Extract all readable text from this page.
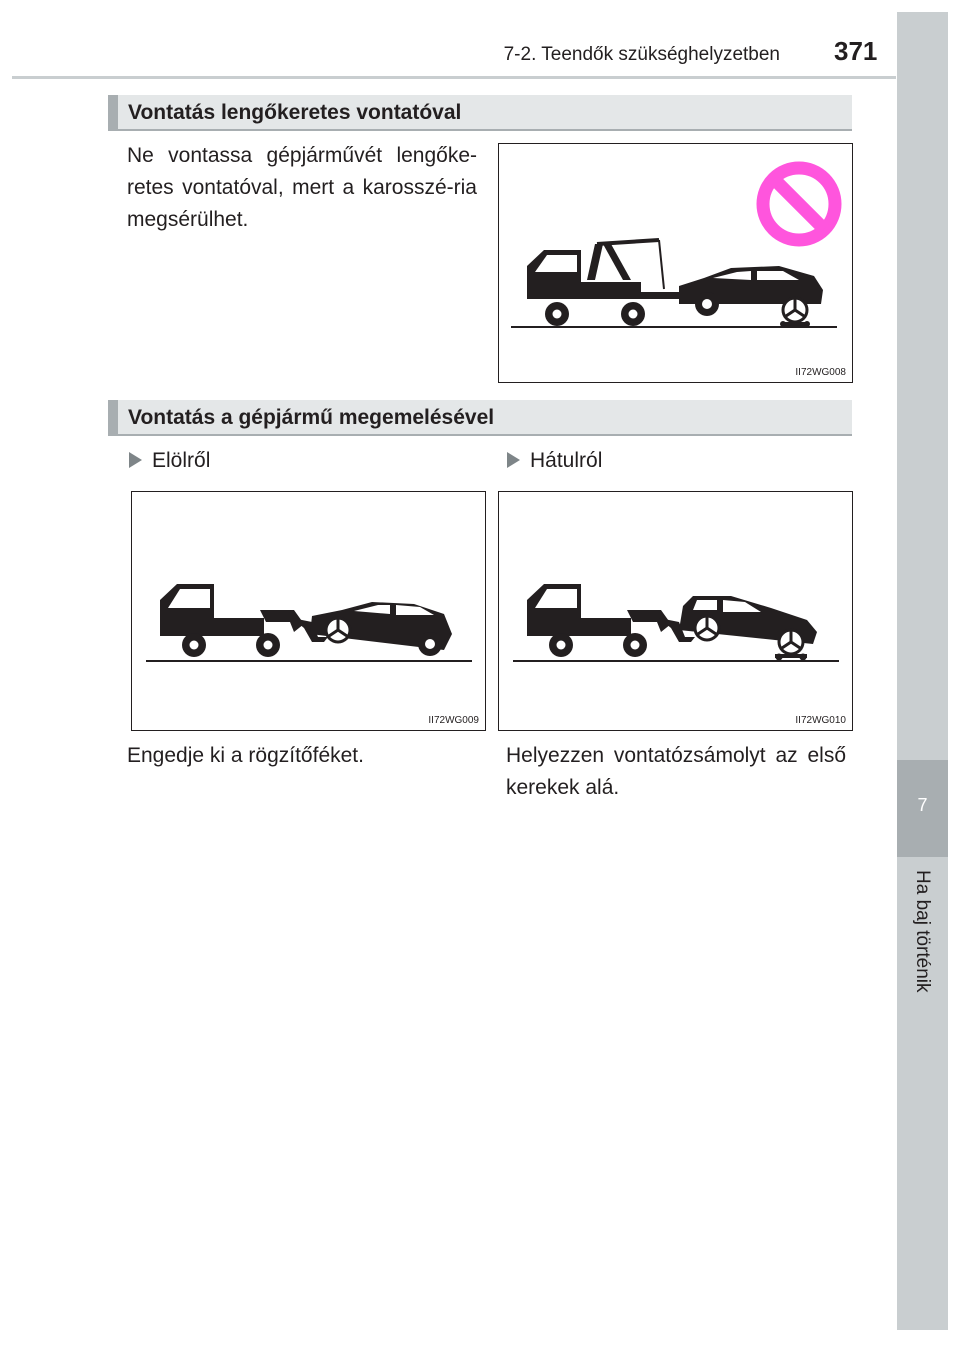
7-2. Teendők szükséghelyzetben 371
7
Ha baj történik
Vontatás lengőkeretes vontatóval
Ne vontassa gépjárművét lengőke-retes vontatóval, mert a karosszé-ria megsérülhet.
II72WG008
Vontatás a gépjármű megemelésével
Elölről	Hátulról
II72WG009	II72WG010
Engedje ki a rögzítőféket.	Helyezzen vontatózsámolyt az első kerekek alá.
